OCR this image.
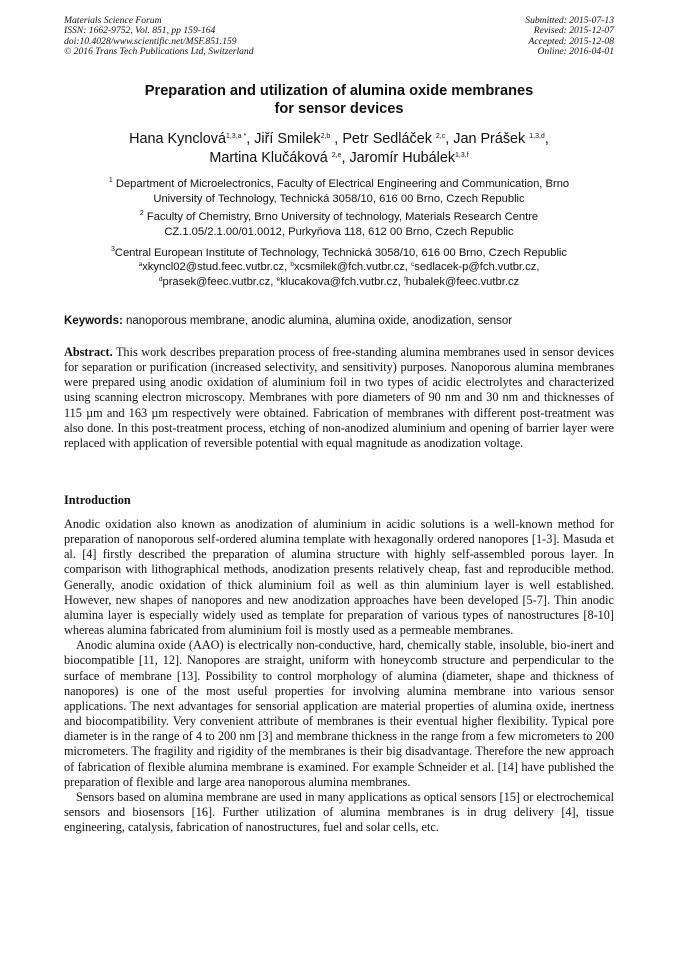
Materials Science Forum
ISSN: 1662-9752, Vol. 851, pp 159-164
doi:10.4028/www.scientific.net/MSF.851.159
© 2016 Trans Tech Publications Ltd, Switzerland
Submitted: 2015-07-13
Revised: 2015-12-07
Accepted: 2015-12-08
Online: 2016-04-01
Preparation and utilization of alumina oxide membranes
for sensor devices
Hana Kynclová$^{1,3,a *}$, Jiří Smilek$^{2,b}$ , Petr Sedláček $^{2,c}$, Jan Prášek $^{1,3,d}$,
Martina Klučáková $^{2,e}$, Jaromír Hubálek$^{1,3,f}$
$^1$ Department of Microelectronics, Faculty of Electrical Engineering and Communication, Brno
University of Technology, Technická 3058/10, 616 00 Brno, Czech Republic
$^2$ Faculty of Chemistry, Brno University of technology, Materials Research Centre
CZ.1.05/2.1.00/01.0012, Purkyňova 118, 612 00 Brno, Czech Republic
$^3$Central European Institute of Technology, Technická 3058/10, 616 00 Brno, Czech Republic
$^a$xkyncl02@stud.feec.vutbr.cz, $^b$xcsmilek@fch.vutbr.cz, $^c$sedlacek-p@fch.vutbr.cz,
$^d$prasek@feec.vutbr.cz, $^e$klucakova@fch.vutbr.cz, $^f$hubalek@feec.vutbr.cz
Keywords: nanoporous membrane, anodic alumina, alumina oxide, anodization, sensor
Abstract. This work describes preparation process of free-standing alumina membranes used in sensor devices for separation or purification (increased selectivity, and sensitivity) purposes. Nanoporous alumina membranes were prepared using anodic oxidation of aluminium foil in two types of acidic electrolytes and characterized using scanning electron microscopy. Membranes with pore diameters of 90 nm and 30 nm and thicknesses of 115 µm and 163 µm respectively were obtained. Fabrication of membranes with different post-treatment was also done. In this post-treatment process, etching of non-anodized aluminium and opening of barrier layer were replaced with application of reversible potential with equal magnitude as anodization voltage.
Introduction

Anodic oxidation also known as anodization of aluminium in acidic solutions is a well-known method for preparation of nanoporous self-ordered alumina template with hexagonally ordered nanopores [1-3]. Masuda et al. [4] firstly described the preparation of alumina structure with highly self-assembled porous layer. In comparison with lithographical methods, anodization presents relatively cheap, fast and reproducible method. Generally, anodic oxidation of thick aluminium foil as well as thin aluminium layer is well established. However, new shapes of nanopores and new anodization approaches have been developed [5-7]. Thin anodic alumina layer is especially widely used as template for preparation of various types of nanostructures [8-10] whereas alumina fabricated from aluminium foil is mostly used as a permeable membranes.

Anodic alumina oxide (AAO) is electrically non-conductive, hard, chemically stable, insoluble, bio-inert and biocompatible [11, 12]. Nanopores are straight, uniform with honeycomb structure and perpendicular to the surface of membrane [13]. Possibility to control morphology of alumina (diameter, shape and thickness of nanopores) is one of the most useful properties for involving alumina membrane into various sensor applications. The next advantages for sensorial application are material properties of alumina oxide, inertness and biocompatibility. Very convenient attribute of membranes is their eventual higher flexibility. Typical pore diameter is in the range of 4 to 200 nm [3] and membrane thickness in the range from a few micrometers to 200 micrometers. The fragility and rigidity of the membranes is their big disadvantage. Therefore the new approach of fabrication of flexible alumina membrane is examined. For example Schneider et al. [14] have published the preparation of flexible and large area nanoporous alumina membranes.

Sensors based on alumina membrane are used in many applications as optical sensors [15] or electrochemical sensors and biosensors [16]. Further utilization of alumina membranes is in drug delivery [4], tissue engineering, catalysis, fabrication of nanostructures, fuel and solar cells, etc.
